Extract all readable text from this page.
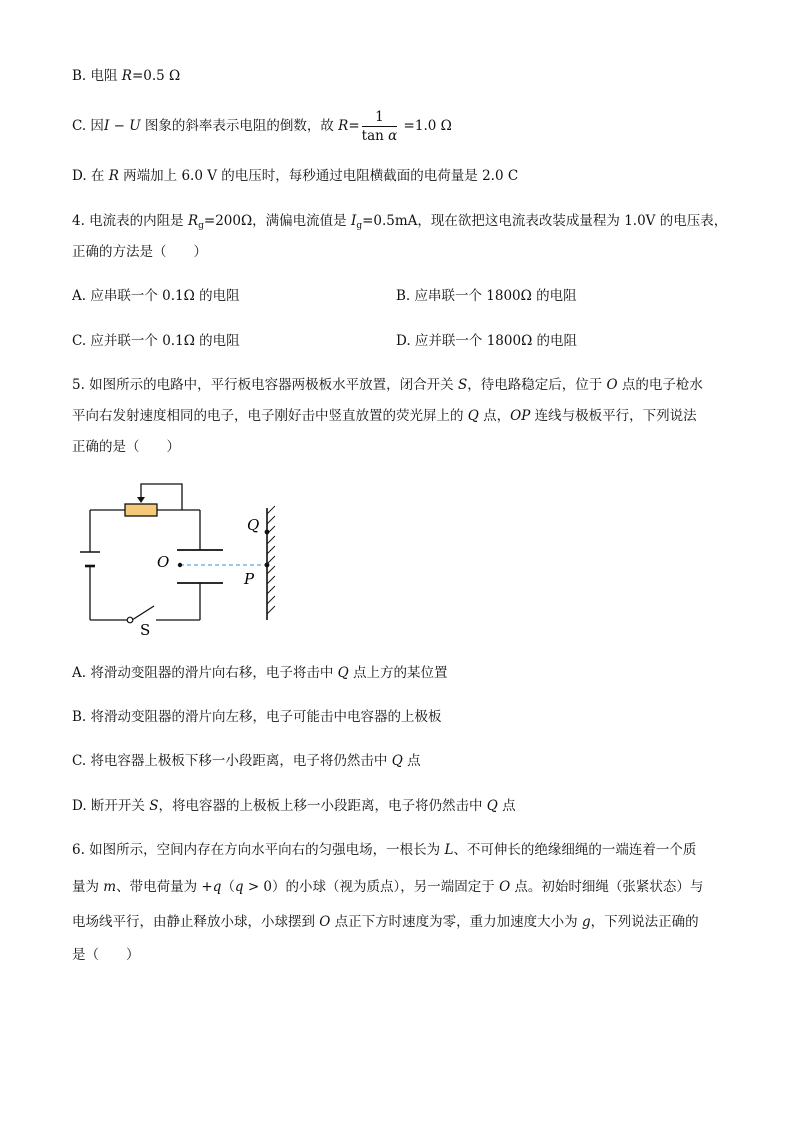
B. 电阻 R=0.5 Ω
C. 因I − U 图象的斜率表示电阻的倒数，故 $R= \frac{1}{\text{tan α}} =1.0$ Ω
D. 在 R 两端加上 6.0 V 的电压时，每秒通过电阻横截面的电荷量是 2.0 C
4. 电流表的内阻是 $R_g=200\Omega$，满偏电流值是 $I_g=0.5mA$，现在欲把这电流表改装成量程为 1.0V 的电压表，
正确的方法是（　　）
A. 应串联一个 0.1Ω 的电阻	B. 应串联一个 1800Ω 的电阻
C. 应并联一个 0.1Ω 的电阻	D. 应并联一个 1800Ω 的电阻
5. 如图所示的电路中，平行板电容器两极板水平放置，闭合开关 S，待电路稳定后，位于 O 点的电子枪水
平向右发射速度相同的电子，电子刚好击中竖直放置的荧光屏上的 Q 点，OP 连线与极板平行，下列说法
正确的是（　　）
Q
O
P
S
A. 将滑动变阻器的滑片向右移，电子将击中 Q 点上方的某位置
B. 将滑动变阻器的滑片向左移，电子可能击中电容器的上极板
C. 将电容器上极板下移一小段距离，电子将仍然击中 Q 点
D. 断开开关 S，将电容器的上极板上移一小段距离，电子将仍然击中 Q 点
6. 如图所示，空间内存在方向水平向右的匀强电场，一根长为 L、不可伸长的绝缘细绳的一端连着一个质
量为 m、带电荷量为 +q（q > 0）的小球（视为质点），另一端固定于 O 点。初始时细绳（张紧状态）与
电场线平行，由静止释放小球，小球摆到 O 点正下方时速度为零，重力加速度大小为 g，下列说法正确的
是（　　）
